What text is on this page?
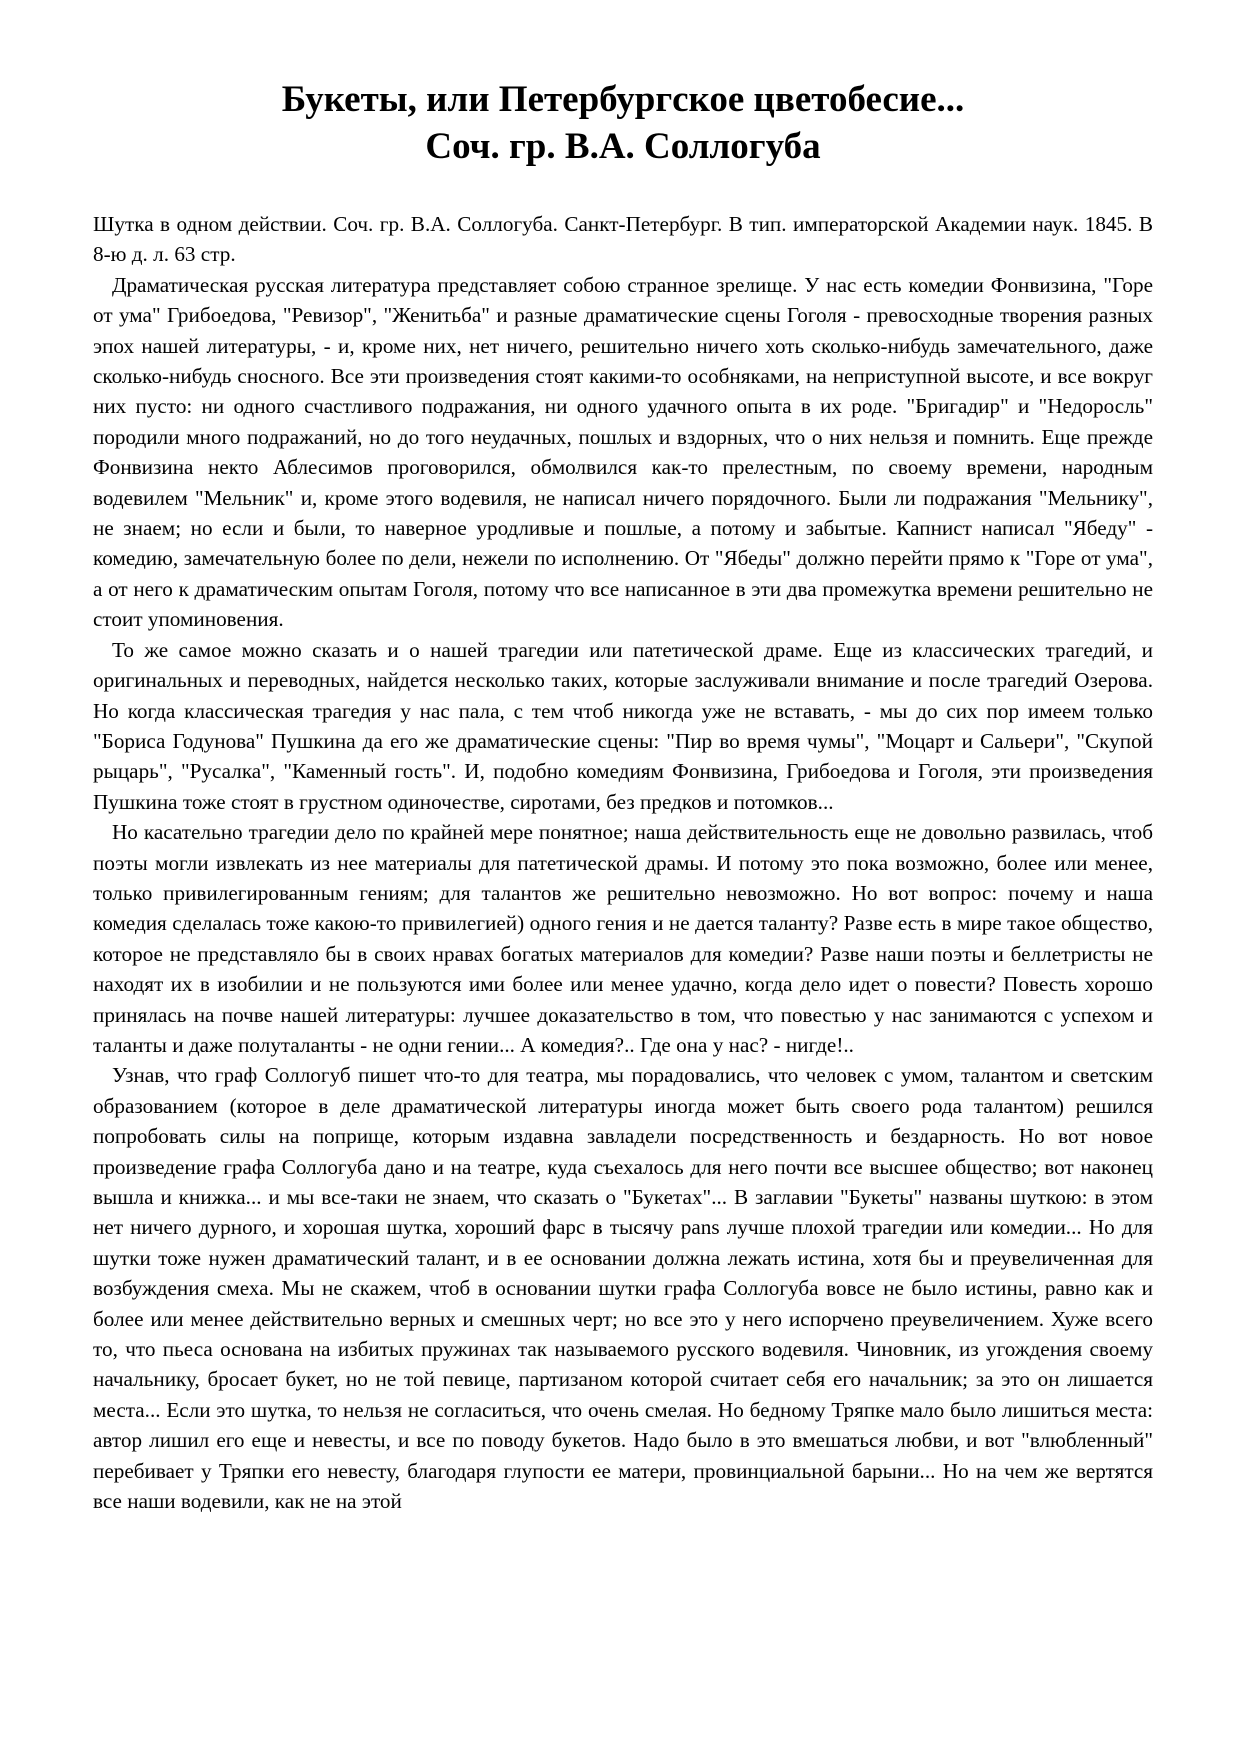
Букеты, или Петербургское цветобесие...
Соч. гр. В.А. Соллогуба

Шутка в одном действии. Соч. гр. В.А. Соллогуба. Санкт-Петербург. В тип. императорской Академии наук. 1845. В 8-ю д. л. 63 стр.

Драматическая русская литература представляет собою странное зрелище. У нас есть комедии Фонвизина, "Горе от ума" Грибоедова, "Ревизор", "Женитьба" и разные драматические сцены Гоголя - превосходные творения разных эпох нашей литературы, - и, кроме них, нет ничего, решительно ничего хоть сколько-нибудь замечательного, даже сколько-нибудь сносного. Все эти произведения стоят какими-то особняками, на неприступной высоте, и все вокруг них пусто: ни одного счастливого подражания, ни одного удачного опыта в их роде. "Бригадир" и "Недоросль" породили много подражаний, но до того неудачных, пошлых и вздорных, что о них нельзя и помнить. Еще прежде Фонвизина некто Аблесимов проговорился, обмолвился как-то прелестным, по своему времени, народным водевилем "Мельник" и, кроме этого водевиля, не написал ничего порядочного. Были ли подражания "Мельнику", не знаем; но если и были, то наверное уродливые и пошлые, а потому и забытые. Капнист написал "Ябеду" - комедию, замечательную более по дели, нежели по исполнению. От "Ябеды" должно перейти прямо к "Горе от ума", а от него к драматическим опытам Гоголя, потому что все написанное в эти два промежутка времени решительно не стоит упоминовения.

То же самое можно сказать и о нашей трагедии или патетической драме. Еще из классических трагедий, и оригинальных и переводных, найдется несколько таких, которые заслуживали внимание и после трагедий Озерова. Но когда классическая трагедия у нас пала, с тем чтоб никогда уже не вставать, - мы до сих пор имеем только "Бориса Годунова" Пушкина да его же драматические сцены: "Пир во время чумы", "Моцарт и Сальери", "Скупой рыцарь", "Русалка", "Каменный гость". И, подобно комедиям Фонвизина, Грибоедова и Гоголя, эти произведения Пушкина тоже стоят в грустном одиночестве, сиротами, без предков и потомков...

Но касательно трагедии дело по крайней мере понятное; наша действительность еще не довольно развилась, чтоб поэты могли извлекать из нее материалы для патетической драмы. И потому это пока возможно, более или менее, только привилегированным гениям; для талантов же решительно невозможно. Но вот вопрос: почему и наша комедия сделалась тоже какою-то привилегией) одного гения и не дается таланту? Разве есть в мире такое общество, которое не представляло бы в своих нравах богатых материалов для комедии? Разве наши поэты и беллетристы не находят их в изобилии и не пользуются ими более или менее удачно, когда дело идет о повести? Повесть хорошо принялась на почве нашей литературы: лучшее доказательство в том, что повестью у нас занимаются с успехом и таланты и даже полуталанты - не одни гении... А комедия?.. Где она у нас? - нигде!..

Узнав, что граф Соллогуб пишет что-то для театра, мы порадовались, что человек с умом, талантом и светским образованием (которое в деле драматической литературы иногда может быть своего рода талантом) решился попробовать силы на поприще, которым издавна завладели посредственность и бездарность. Но вот новое произведение графа Соллогуба дано и на театре, куда съехалось для него почти все высшее общество; вот наконец вышла и книжка... и мы все-таки не знаем, что сказать о "Букетах"... В заглавии "Букеты" названы шуткою: в этом нет ничего дурного, и хорошая шутка, хороший фарс в тысячу pans лучше плохой трагедии или комедии... Но для шутки тоже нужен драматический талант, и в ее основании должна лежать истина, хотя бы и преувеличенная для возбуждения смеха. Мы не скажем, чтоб в основании шутки графа Соллогуба вовсе не было истины, равно как и более или менее действительно верных и смешных черт; но все это у него испорчено преувеличением. Хуже всего то, что пьеса основана на избитых пружинах так называемого русского водевиля. Чиновник, из угождения своему начальнику, бросает букет, но не той певице, партизаном которой считает себя его начальник; за это он лишается места... Если это шутка, то нельзя не согласиться, что очень смелая. Но бедному Тряпке мало было лишиться места: автор лишил его еще и невесты, и все по поводу букетов. Надо было в это вмешаться любви, и вот "влюбленный" перебивает у Тряпки его невесту, благодаря глупости ее матери, провинциальной барыни... Но на чем же вертятся все наши водевили, как не на этой
